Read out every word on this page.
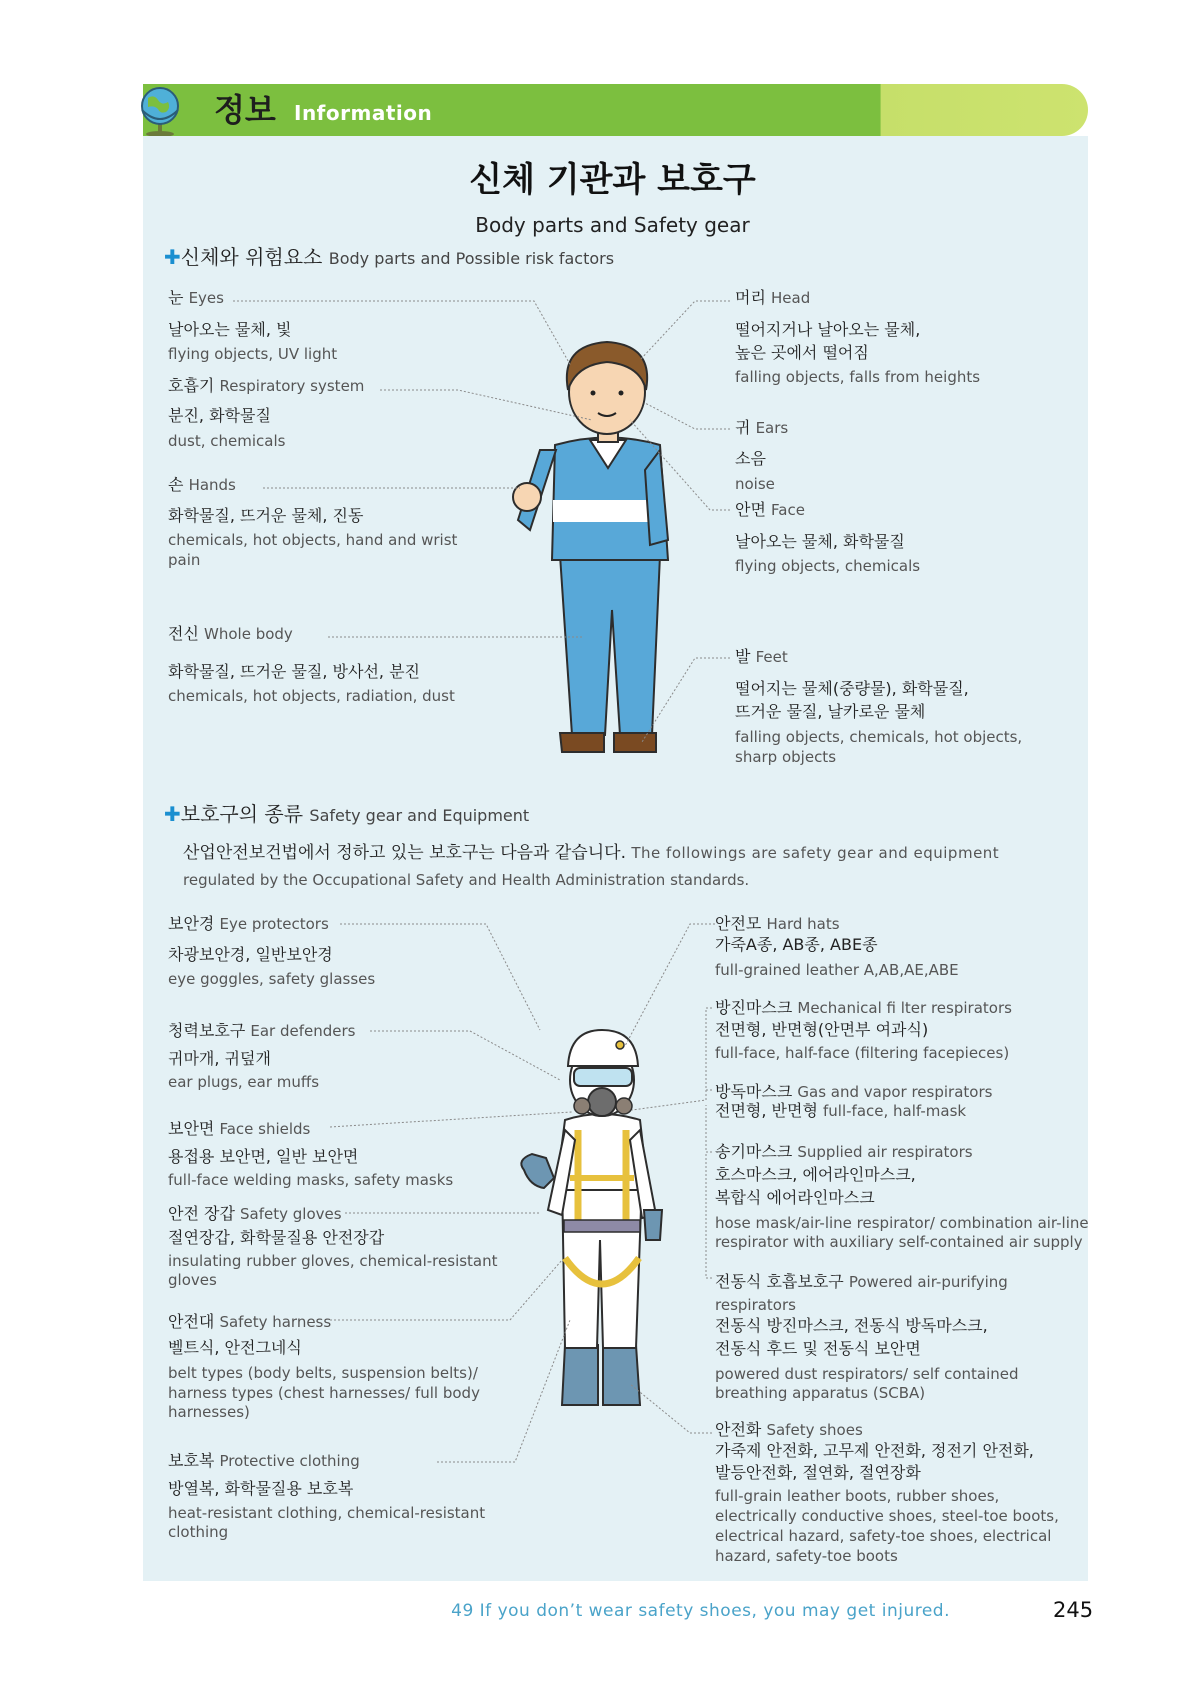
정보 Information
신체 기관과 보호구
Body parts and Safety gear
✚신체와 위험요소 Body parts and Possible risk factors
눈 Eyes
날아오는 물체, 빛
flying objects, UV light
호흡기 Respiratory system
분진, 화학물질
dust, chemicals
손 Hands
화학물질, 뜨거운 물체, 진동
chemicals, hot objects, hand and wrist pain
전신 Whole body
화학물질, 뜨거운 물질, 방사선, 분진
chemicals, hot objects, radiation, dust
머리 Head
떨어지거나 날아오는 물체,
높은 곳에서 떨어짐
falling objects, falls from heights
귀 Ears
소음
noise
안면 Face
날아오는 물체, 화학물질
flying objects, chemicals
발 Feet
떨어지는 물체(중량물), 화학물질,
뜨거운 물질, 날카로운 물체
falling objects, chemicals, hot objects,
sharp objects
✚보호구의 종류 Safety gear and Equipment
산업안전보건법에서 정하고 있는 보호구는 다음과 같습니다. The followings are safety gear and equipment
regulated by the Occupational Safety and Health Administration standards.
보안경 Eye protectors
차광보안경, 일반보안경
eye goggles, safety glasses
청력보호구 Ear defenders
귀마개, 귀덮개
ear plugs, ear muffs
보안면 Face shields
용접용 보안면, 일반 보안면
full-face welding masks, safety masks
안전 장갑 Safety gloves
절연장갑, 화학물질용 안전장갑
insulating rubber gloves, chemical-resistant
gloves
안전대 Safety harness
벨트식, 안전그네식
belt types (body belts, suspension belts)/
harness types (chest harnesses/ full body
harnesses)
보호복 Protective clothing
방열복, 화학물질용 보호복
heat-resistant clothing, chemical-resistant
clothing
안전모 Hard hats
가죽A종, AB종, ABE종
full-grained leather A,AB,AE,ABE
방진마스크 Mechanical fi lter respirators
전면형, 반면형(안면부 여과식)
full-face, half-face (filtering facepieces)
방독마스크 Gas and vapor respirators
전면형, 반면형 full-face, half-mask
송기마스크 Supplied air respirators
호스마스크, 에어라인마스크,
복합식 에어라인마스크
hose mask/air-line respirator/ combination air-line
respirator with auxiliary self-contained air supply
전동식 호흡보호구 Powered air-purifying
respirators
전동식 방진마스크, 전동식 방독마스크,
전동식 후드 및 전동식 보안면
powered dust respirators/ self contained
breathing apparatus (SCBA)
안전화 Safety shoes
가죽제 안전화, 고무제 안전화, 정전기 안전화,
발등안전화, 절연화, 절연장화
full-grain leather boots, rubber shoes,
electrically conductive shoes, steel-toe boots,
electrical hazard, safety-toe shoes, electrical
hazard, safety-toe boots
49 If you don’t wear safety shoes, you may get injured.	245
